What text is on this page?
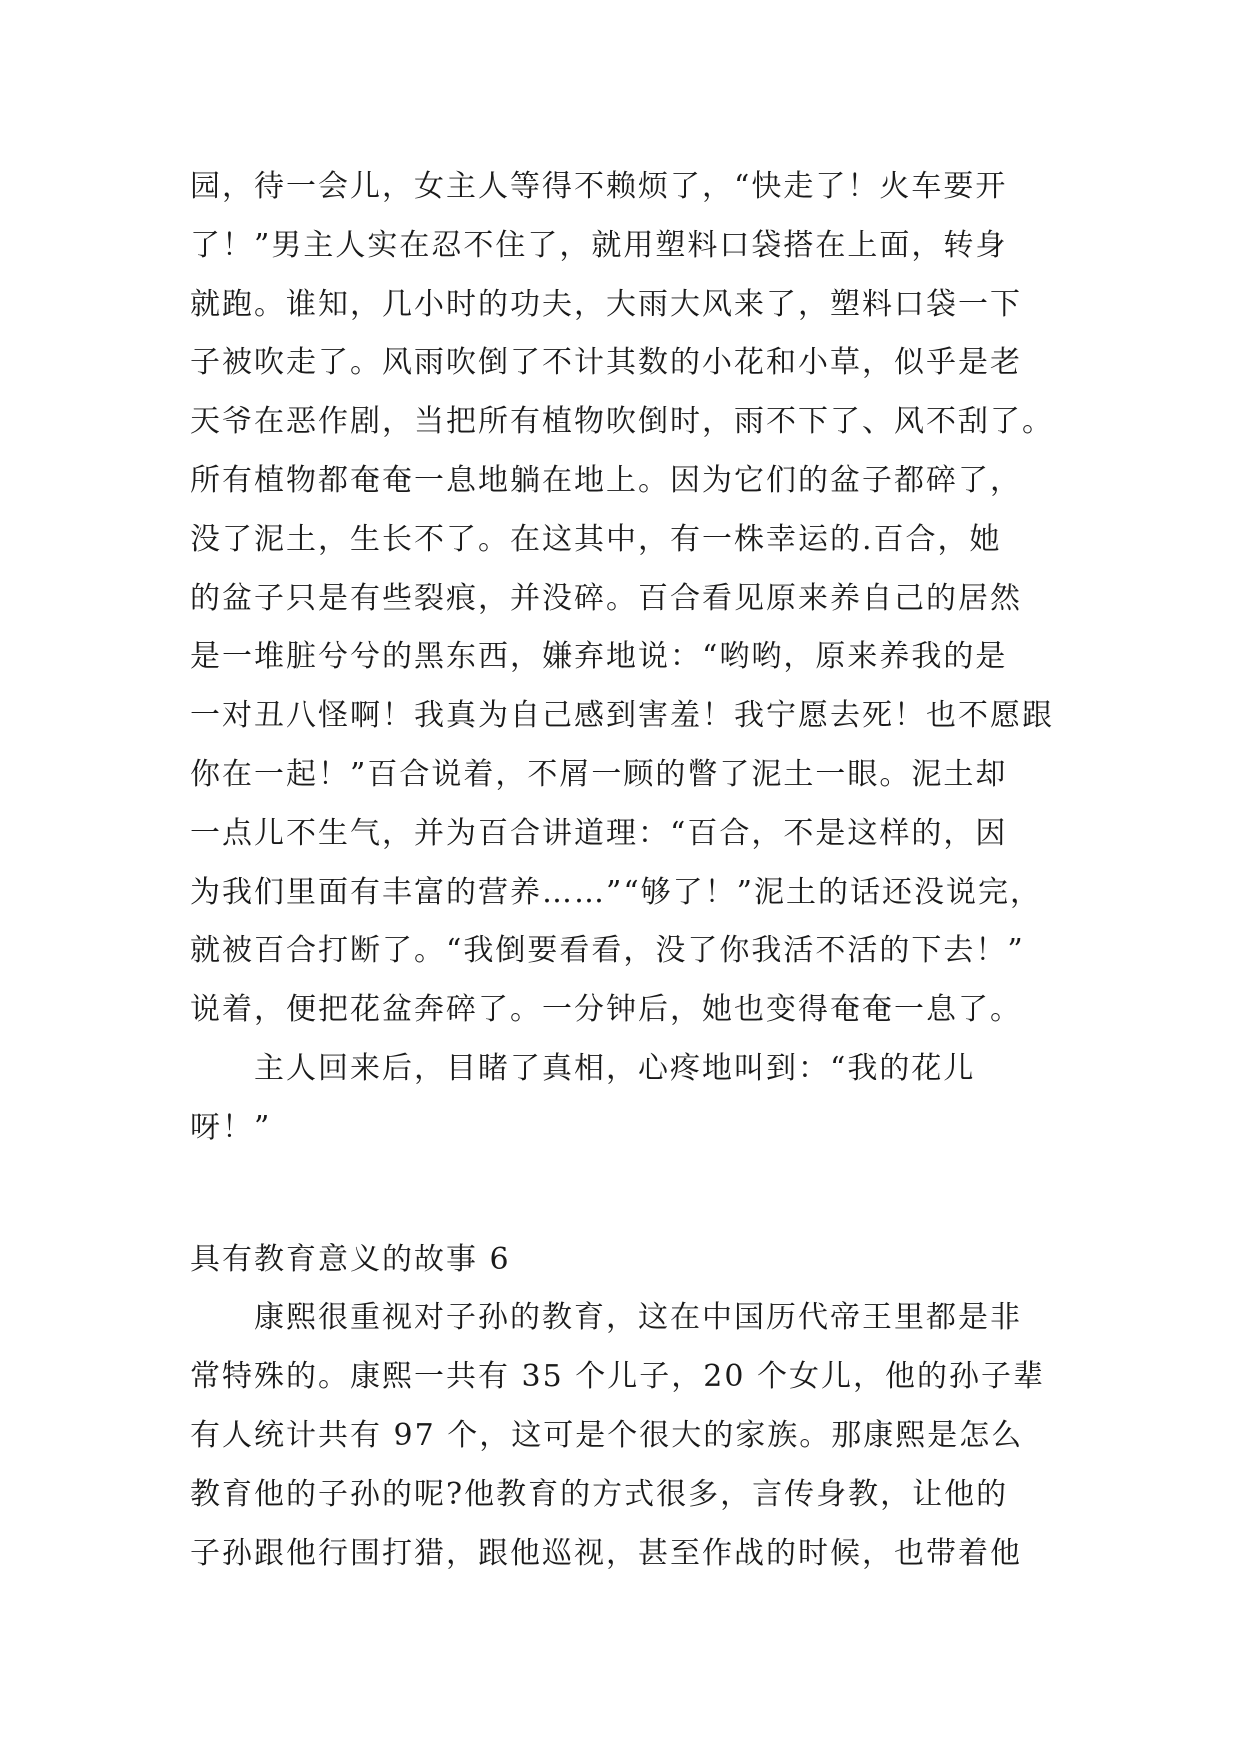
园，待一会儿，女主人等得不赖烦了，“快走了！火车要开
了！”男主人实在忍不住了，就用塑料口袋搭在上面，转身
就跑。谁知，几小时的功夫，大雨大风来了，塑料口袋一下
子被吹走了。风雨吹倒了不计其数的小花和小草，似乎是老
天爷在恶作剧，当把所有植物吹倒时，雨不下了、风不刮了。
所有植物都奄奄一息地躺在地上。因为它们的盆子都碎了，
没了泥土，生长不了。在这其中，有一株幸运的.百合，她
的盆子只是有些裂痕，并没碎。百合看见原来养自己的居然
是一堆脏兮兮的黑东西，嫌弃地说：“哟哟，原来养我的是
一对丑八怪啊！我真为自己感到害羞！我宁愿去死！也不愿跟
你在一起！”百合说着，不屑一顾的瞥了泥土一眼。泥土却
一点儿不生气，并为百合讲道理：“百合，不是这样的，因
为我们里面有丰富的营养……”“够了！”泥土的话还没说完，
就被百合打断了。“我倒要看看，没了你我活不活的下去！”
说着，便把花盆奔碎了。一分钟后，她也变得奄奄一息了。
主人回来后，目睹了真相，心疼地叫到：“我的花儿
呀！”
具有教育意义的故事 6
康熙很重视对子孙的教育，这在中国历代帝王里都是非
常特殊的。康熙一共有 35 个儿子，20 个女儿，他的孙子辈
有人统计共有 97 个，这可是个很大的家族。那康熙是怎么
教育他的子孙的呢?他教育的方式很多，言传身教，让他的
子孙跟他行围打猎，跟他巡视，甚至作战的时候，也带着他
